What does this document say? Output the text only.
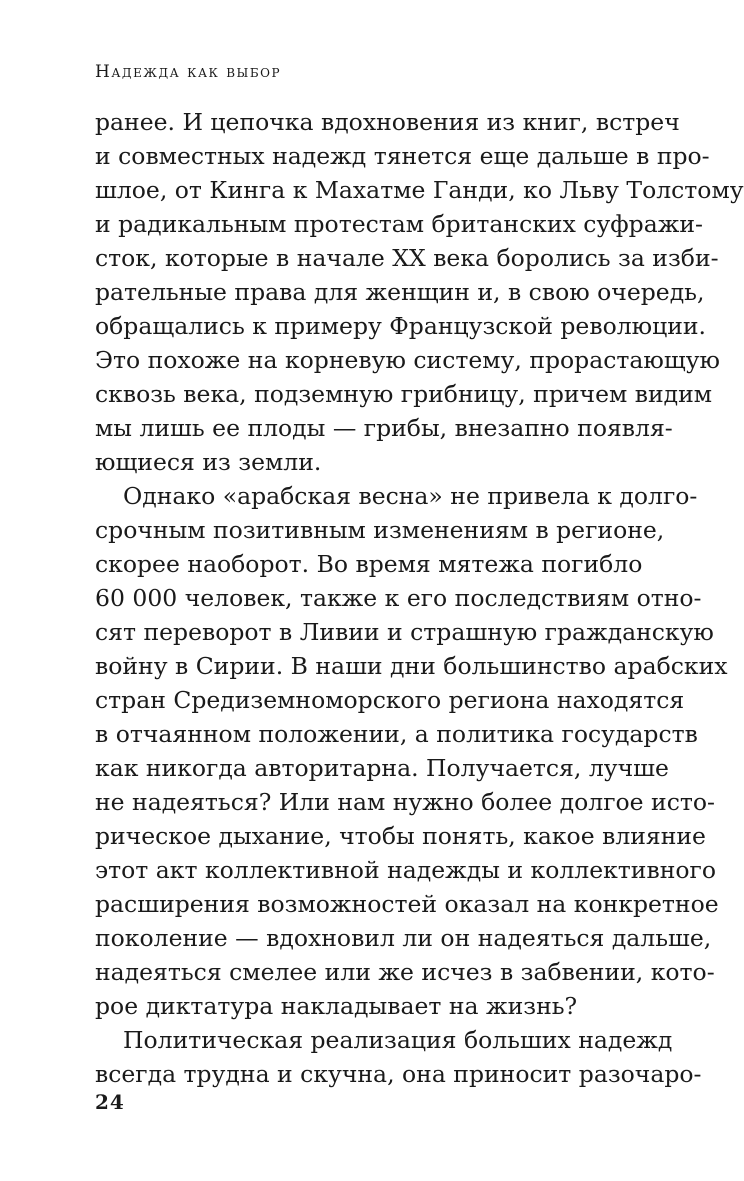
Надежда как выбор
ранее. И цепочка вдохновения из книг, встреч
и совместных надежд тянется еще дальше в про-
шлое, от Кинга к Махатме Ганди, ко Льву Толстому
и радикальным протестам британских суфражи-
сток, которые в начале XX века боролись за изби-
рательные права для женщин и, в свою очередь,
обращались к примеру Французской революции.
Это похоже на корневую систему, прорастающую
сквозь века, подземную грибницу, причем видим
мы лишь ее плоды — грибы, внезапно появля-
ющиеся из земли.
Однако «арабская весна» не привела к долго-
срочным позитивным изменениям в регионе,
скорее наоборот. Во время мятежа погибло
60 000 человек, также к его последствиям отно-
сят переворот в Ливии и страшную гражданскую
войну в Сирии. В наши дни большинство арабских
стран Средиземноморского региона находятся
в отчаянном положении, а политика государств
как никогда авторитарна. Получается, лучше
не надеяться? Или нам нужно более долгое исто-
рическое дыхание, чтобы понять, какое влияние
этот акт коллективной надежды и коллективного
расширения возможностей оказал на конкретное
поколение — вдохновил ли он надеяться дальше,
надеяться смелее или же исчез в забвении, кото-
рое диктатура накладывает на жизнь?
Политическая реализация больших надежд
всегда трудна и скучна, она приносит разочаро-
24
